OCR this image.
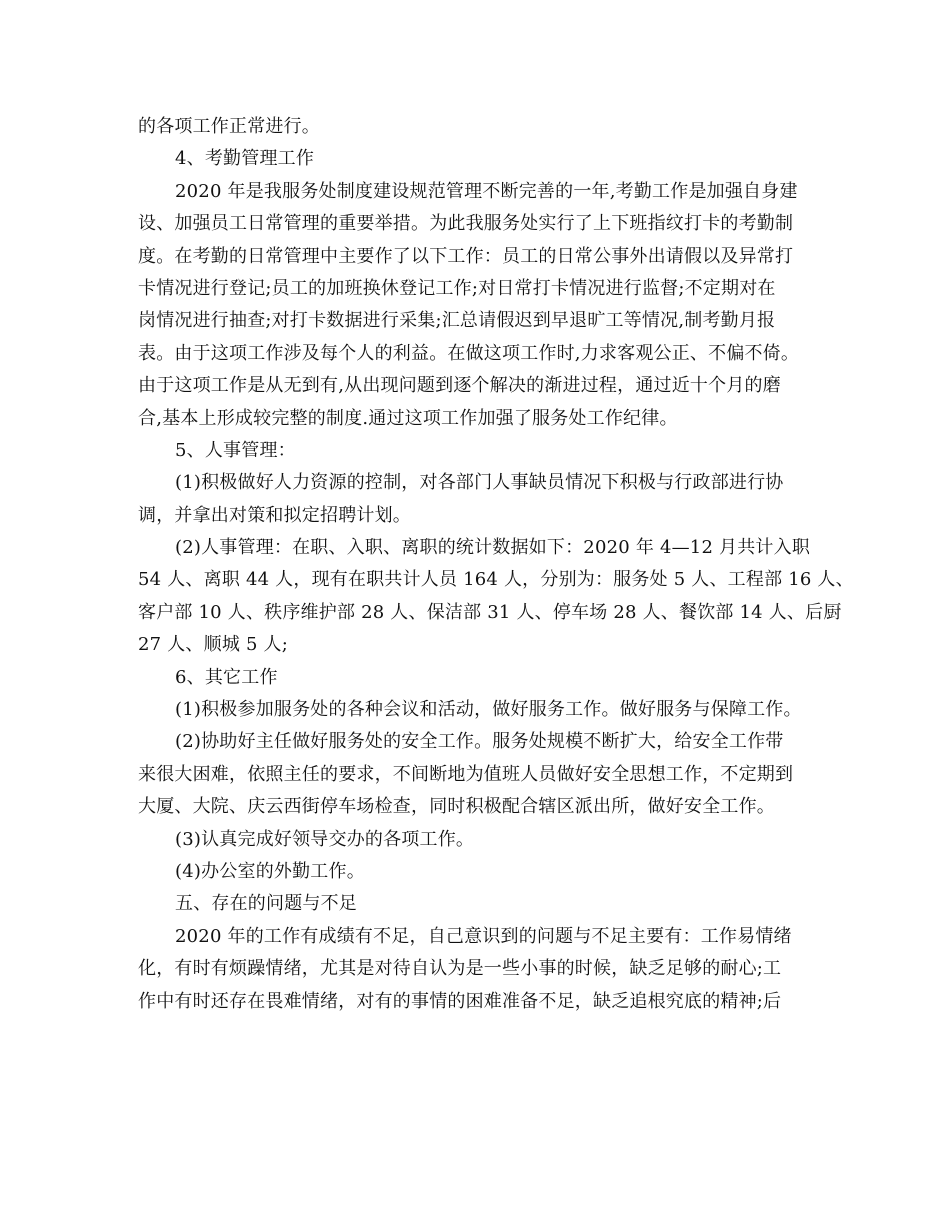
的各项工作正常进行。
4、考勤管理工作
2020 年是我服务处制度建设规范管理不断完善的一年,考勤工作是加强自身建
设、加强员工日常管理的重要举措。为此我服务处实行了上下班指纹打卡的考勤制
度。在考勤的日常管理中主要作了以下工作：员工的日常公事外出请假以及异常打
卡情况进行登记;员工的加班换休登记工作;对日常打卡情况进行监督;不定期对在
岗情况进行抽查;对打卡数据进行采集;汇总请假迟到早退旷工等情况,制考勤月报
表。由于这项工作涉及每个人的利益。在做这项工作时,力求客观公正、不偏不倚。
由于这项工作是从无到有,从出现问题到逐个解决的渐进过程，通过近十个月的磨
合,基本上形成较完整的制度.通过这项工作加强了服务处工作纪律。
5、人事管理：
(1)积极做好人力资源的控制，对各部门人事缺员情况下积极与行政部进行协
调，并拿出对策和拟定招聘计划。
(2)人事管理：在职、入职、离职的统计数据如下：2020 年 4—12 月共计入职
54 人、离职 44 人，现有在职共计人员 164 人，分别为：服务处 5 人、工程部 16 人、
客户部 10 人、秩序维护部 28 人、保洁部 31 人、停车场 28 人、餐饮部 14 人、后厨
27 人、顺城 5 人;
6、其它工作
(1)积极参加服务处的各种会议和活动，做好服务工作。做好服务与保障工作。
(2)协助好主任做好服务处的安全工作。服务处规模不断扩大，给安全工作带
来很大困难，依照主任的要求，不间断地为值班人员做好安全思想工作，不定期到
大厦、大院、庆云西街停车场检查，同时积极配合辖区派出所，做好安全工作。
(3)认真完成好领导交办的各项工作。
(4)办公室的外勤工作。
五、存在的问题与不足
2020 年的工作有成绩有不足，自己意识到的问题与不足主要有：工作易情绪
化，有时有烦躁情绪，尤其是对待自认为是一些小事的时候，缺乏足够的耐心;工
作中有时还存在畏难情绪，对有的事情的困难准备不足，缺乏追根究底的精神;后
